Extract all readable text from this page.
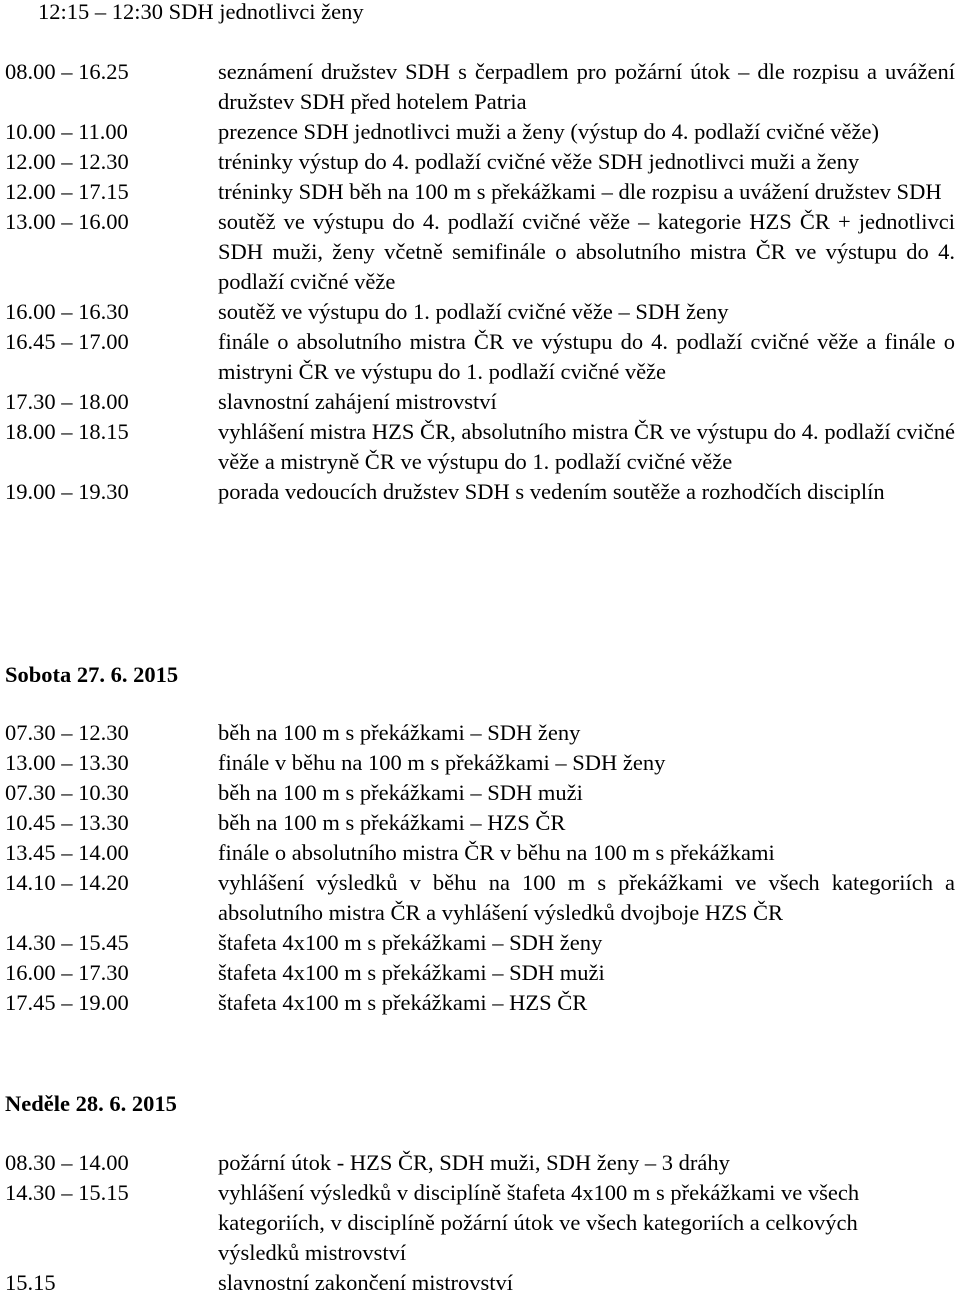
12:15 – 12:30 SDH jednotlivci ženy
08.00 – 16.25	seznámení družstev SDH s čerpadlem pro požární útok – dle rozpisu a uvážení družstev SDH před hotelem Patria
10.00 – 11.00	prezence SDH jednotlivci muži a ženy (výstup do 4. podlaží cvičné věže)
12.00 – 12.30	tréninky výstup do 4. podlaží cvičné věže SDH jednotlivci muži a ženy
12.00 – 17.15	tréninky SDH běh na 100 m s překážkami – dle rozpisu a uvážení družstev SDH
13.00 – 16.00	soutěž ve výstupu do 4. podlaží cvičné věže – kategorie HZS ČR + jednotlivci SDH muži, ženy včetně semifinále o absolutního mistra ČR ve výstupu do 4. podlaží cvičné věže
16.00 – 16.30	soutěž ve výstupu do 1. podlaží cvičné věže – SDH ženy
16.45 – 17.00	finále o absolutního mistra ČR ve výstupu do 4. podlaží cvičné věže a finále o mistryni ČR ve výstupu do 1. podlaží cvičné věže
17.30 – 18.00	slavnostní zahájení mistrovství
18.00 – 18.15	vyhlášení mistra HZS ČR, absolutního mistra ČR ve výstupu do 4. podlaží cvičné věže a mistryně ČR ve výstupu do 1. podlaží cvičné věže
19.00 – 19.30	porada vedoucích družstev SDH s vedením soutěže a rozhodčích disciplín
Sobota 27. 6. 2015
07.30 – 12.30	běh na 100 m s překážkami – SDH ženy
13.00 – 13.30	finále v běhu na 100 m s překážkami – SDH ženy
07.30 – 10.30	běh na 100 m s překážkami – SDH muži
10.45 – 13.30	běh na 100 m s překážkami – HZS ČR
13.45 – 14.00	finále o absolutního mistra ČR v běhu na 100 m s překážkami
14.10 – 14.20	vyhlášení výsledků v běhu na 100 m s překážkami ve všech kategoriích a absolutního mistra ČR a vyhlášení výsledků dvojboje HZS ČR
14.30 – 15.45	štafeta 4x100 m s překážkami – SDH ženy
16.00 – 17.30	štafeta 4x100 m s překážkami – SDH muži
17.45 – 19.00	štafeta 4x100 m s překážkami – HZS ČR
Neděle 28. 6. 2015
08.30 – 14.00	požární útok - HZS ČR, SDH muži, SDH ženy – 3 dráhy
14.30 – 15.15	vyhlášení výsledků v disciplíně štafeta 4x100 m s překážkami ve všech kategoriích, v disciplíně požární útok ve všech kategoriích a celkových výsledků mistrovství
15.15	slavnostní zakončení mistrovství
